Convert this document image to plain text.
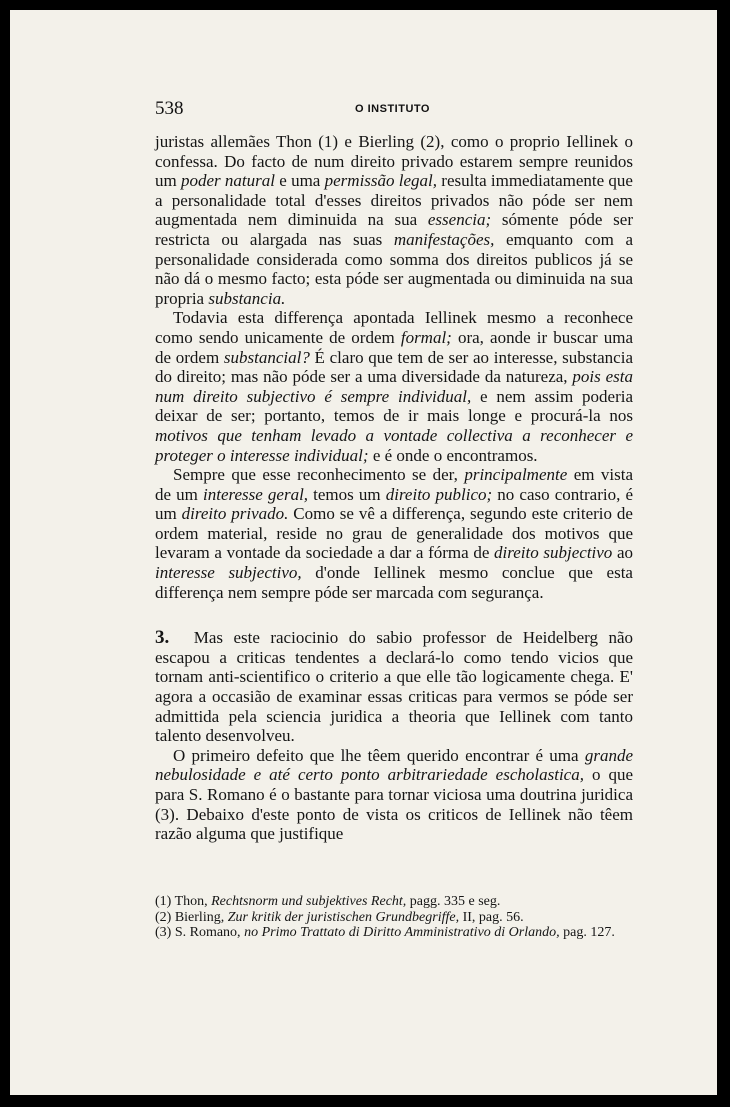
538	O INSTITUTO

juristas allemães Thon (1) e Bierling (2), como o proprio Iellinek o confessa. Do facto de num direito privado estarem sempre reunidos um poder natural e uma permissão legal, resulta immediatamente que a personalidade total d'esses direitos privados não póde ser nem augmentada nem diminuida na sua essencia; sómente póde ser restricta ou alargada nas suas manifestações, emquanto com a personalidade considerada como somma dos direitos publicos já se não dá o mesmo facto; esta póde ser augmentada ou diminuida na sua propria substancia.

Todavia esta differença apontada Iellinek mesmo a reconhece como sendo unicamente de ordem formal; ora, aonde ir buscar uma de ordem substancial? É claro que tem de ser ao interesse, substancia do direito; mas não póde ser a uma diversidade da natureza, pois esta num direito subjectivo é sempre individual, e nem assim poderia deixar de ser; portanto, temos de ir mais longe e procurá-la nos motivos que tenham levado a vontade collectiva a reconhecer e proteger o interesse individual; e é onde o encontramos.

Sempre que esse reconhecimento se der, principalmente em vista de um interesse geral, temos um direito publico; no caso contrario, é um direito privado. Como se vê a differença, segundo este criterio de ordem material, reside no grau de generalidade dos motivos que levaram a vontade da sociedade a dar a fórma de direito subjectivo ao interesse subjectivo, d'onde Iellinek mesmo conclue que esta differença nem sempre póde ser marcada com segurança.

3. Mas este raciocinio do sabio professor de Heidelberg não escapou a criticas tendentes a declará-lo como tendo vicios que tornam anti-scientifico o criterio a que elle tão logicamente chega. E' agora a occasião de examinar essas criticas para vermos se póde ser admittida pela sciencia juridica a theoria que Iellinek com tanto talento desenvolveu.

O primeiro defeito que lhe têem querido encontrar é uma grande nebulosidade e até certo ponto arbitrariedade escholastica, o que para S. Romano é o bastante para tornar viciosa uma doutrina juridica (3). Debaixo d'este ponto de vista os criticos de Iellinek não têem razão alguma que justifique

(1) Thon, Rechtsnorm und subjektives Recht, pagg. 335 e seg.

(2) Bierling, Zur kritik der juristischen Grundbegriffe, II, pag. 56.

(3) S. Romano, no Primo Trattato di Diritto Amministrativo di Orlando, pag. 127.
